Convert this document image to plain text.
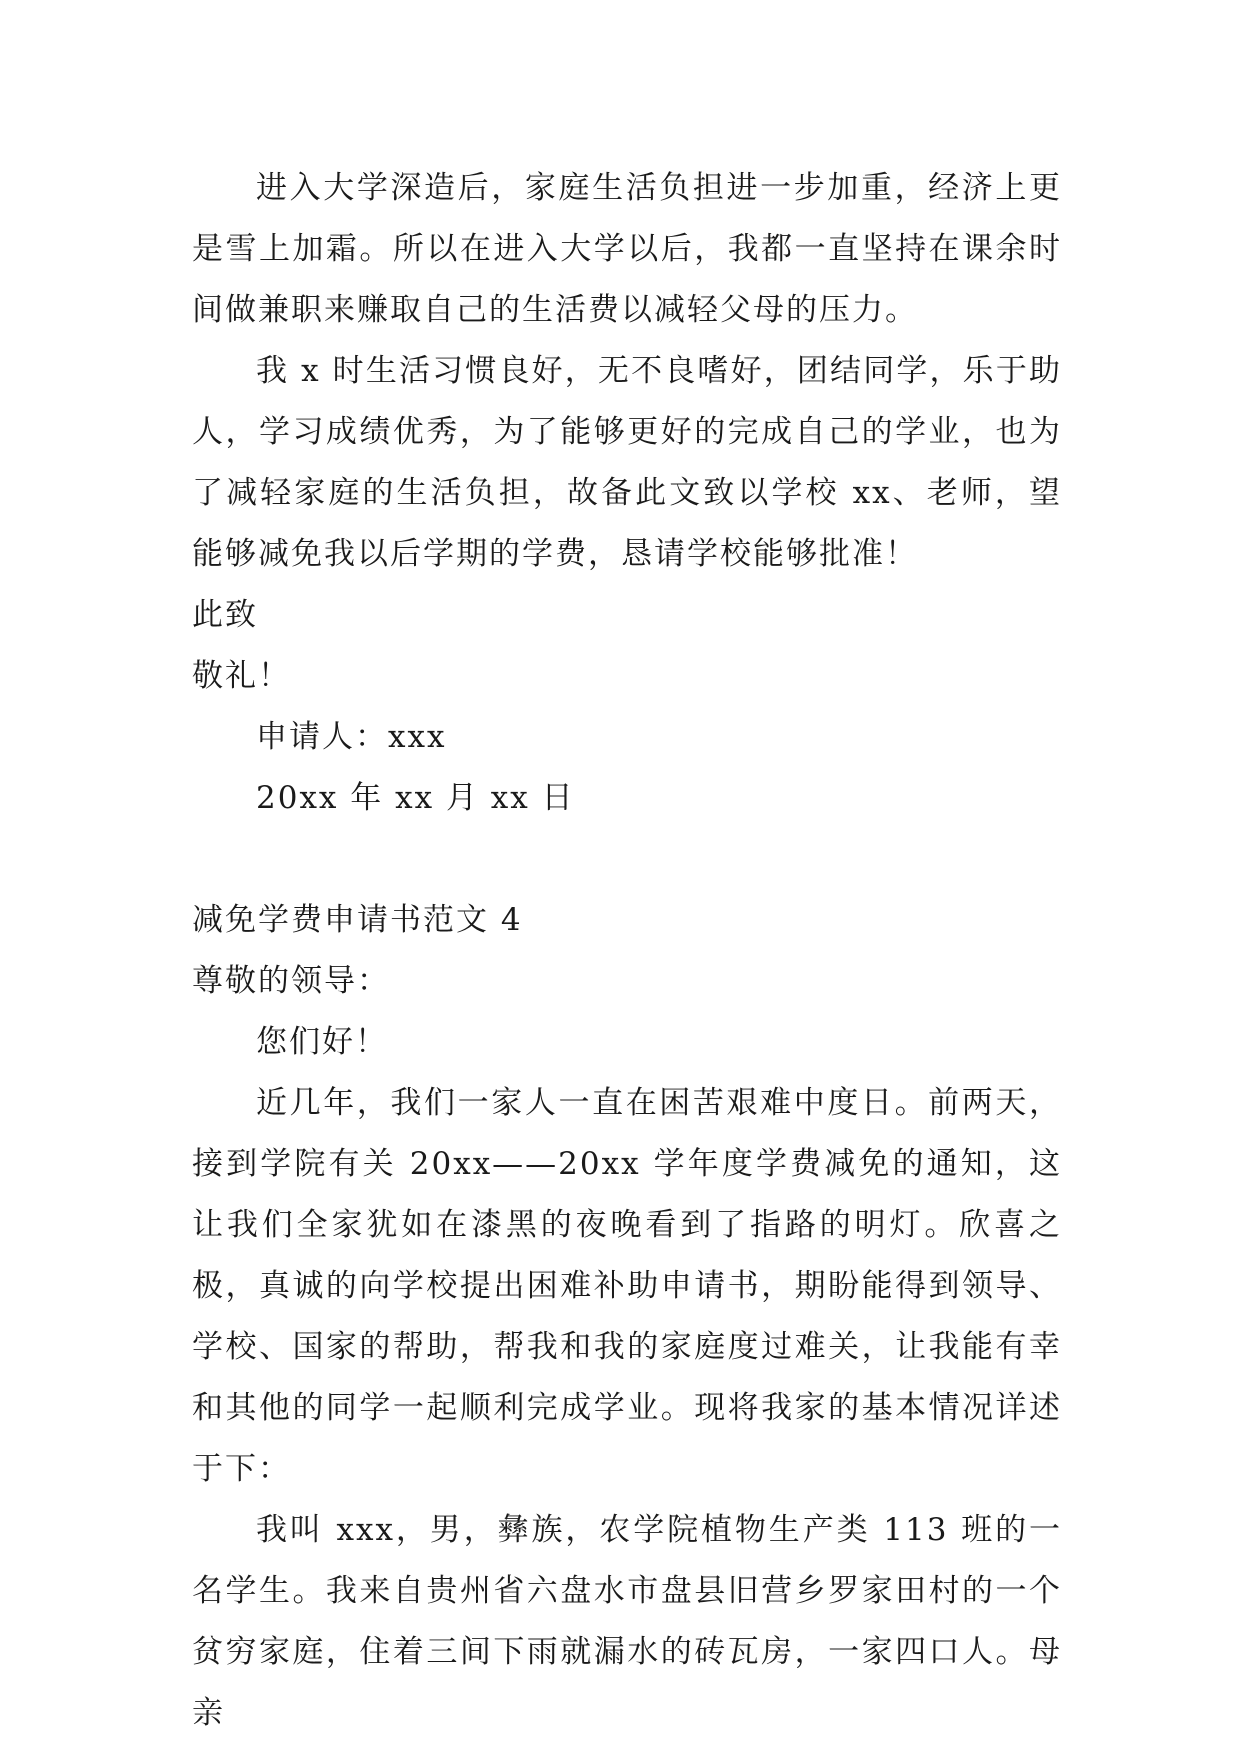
进入大学深造后，家庭生活负担进一步加重，经济上更是雪上加霜。所以在进入大学以后，我都一直坚持在课余时间做兼职来赚取自己的生活费以减轻父母的压力。

我 x 时生活习惯良好，无不良嗜好，团结同学，乐于助人，学习成绩优秀，为了能够更好的完成自己的学业，也为了减轻家庭的生活负担，故备此文致以学校 xx、老师，望能够减免我以后学期的学费，恳请学校能够批准！

此致

敬礼！

申请人：xxx

20xx 年 xx 月 xx 日

减免学费申请书范文 4

尊敬的领导：

您们好！

近几年，我们一家人一直在困苦艰难中度日。前两天，接到学院有关 20xx——20xx 学年度学费减免的通知，这让我们全家犹如在漆黑的夜晚看到了指路的明灯。欣喜之极，真诚的向学校提出困难补助申请书，期盼能得到领导、学校、国家的帮助，帮我和我的家庭度过难关，让我能有幸和其他的同学一起顺利完成学业。现将我家的基本情况详述于下：

我叫 xxx，男，彝族，农学院植物生产类 113 班的一名学生。我来自贵州省六盘水市盘县旧营乡罗家田村的一个贫穷家庭，住着三间下雨就漏水的砖瓦房，一家四口人。母亲
